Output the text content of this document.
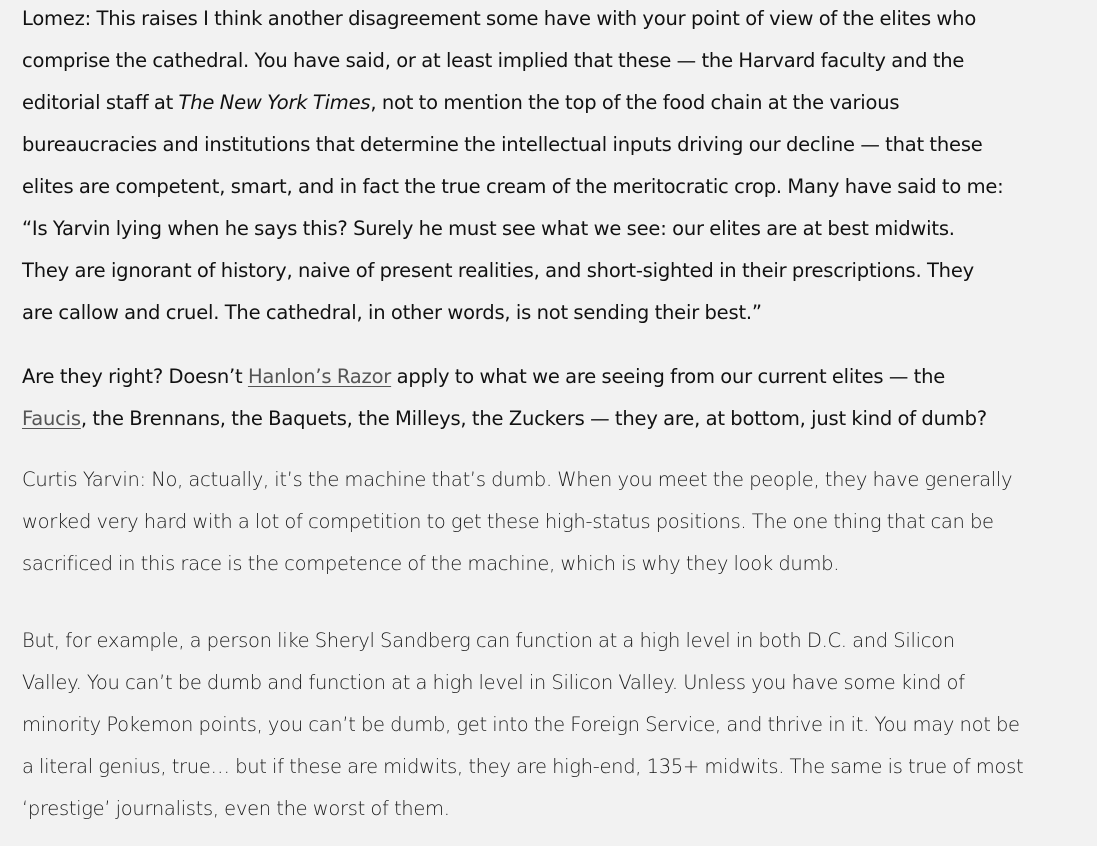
Lomez: This raises I think another disagreement some have with your point of view of the elites who
comprise the cathedral. You have said, or at least implied that these — the Harvard faculty and the
editorial staff at The New York Times, not to mention the top of the food chain at the various
bureaucracies and institutions that determine the intellectual inputs driving our decline — that these
elites are competent, smart, and in fact the true cream of the meritocratic crop. Many have said to me:
“Is Yarvin lying when he says this? Surely he must see what we see: our elites are at best midwits.
They are ignorant of history, naive of present realities, and short-sighted in their prescriptions. They
are callow and cruel. The cathedral, in other words, is not sending their best.”

Are they right? Doesn’t Hanlon’s Razor apply to what we are seeing from our current elites — the
Faucis, the Brennans, the Baquets, the Milleys, the Zuckers — they are, at bottom, just kind of dumb?

Curtis Yarvin: No, actually, it’s the machine that’s dumb. When you meet the people, they have generally
worked very hard with a lot of competition to get these high-status positions. The one thing that can be
sacrificed in this race is the competence of the machine, which is why they look dumb.

But, for example, a person like Sheryl Sandberg can function at a high level in both D.C. and Silicon
Valley. You can’t be dumb and function at a high level in Silicon Valley. Unless you have some kind of
minority Pokemon points, you can’t be dumb, get into the Foreign Service, and thrive in it. You may not be
a literal genius, true… but if these are midwits, they are high-end, 135+ midwits. The same is true of most
‘prestige’ journalists, even the worst of them.
